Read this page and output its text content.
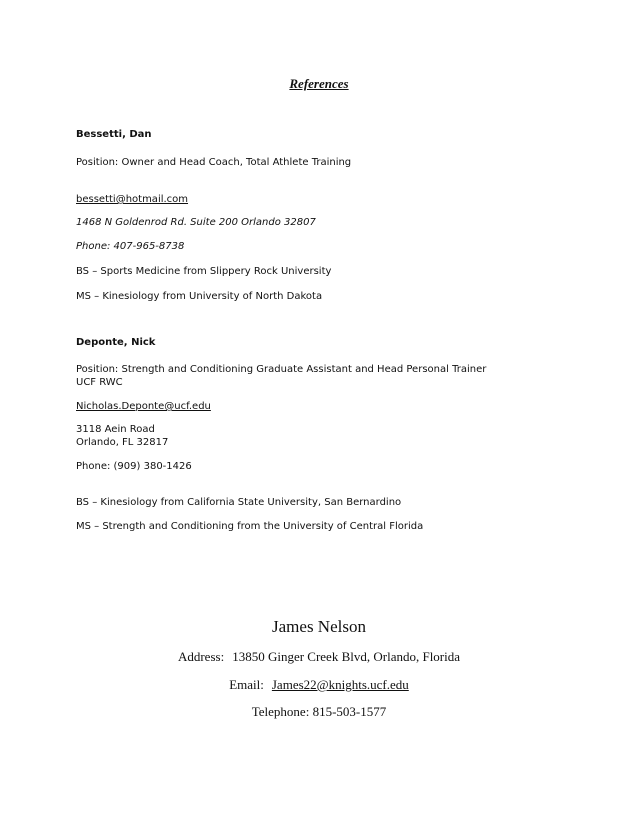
References
Bessetti, Dan
Position: Owner and Head Coach, Total Athlete Training
bessetti@hotmail.com
1468 N Goldenrod Rd. Suite 200 Orlando 32807
Phone: 407-965-8738
BS – Sports Medicine from Slippery Rock University
MS – Kinesiology from University of North Dakota
Deponte, Nick
Position: Strength and Conditioning Graduate Assistant and Head Personal Trainer
UCF RWC
Nicholas.Deponte@ucf.edu
3118 Aein Road
Orlando, FL 32817
Phone: (909) 380-1426
BS – Kinesiology from California State University, San Bernardino
MS – Strength and Conditioning from the University of Central Florida
James Nelson
Address: 13850 Ginger Creek Blvd, Orlando, Florida
Email: James22@knights.ucf.edu
Telephone: 815-503-1577
